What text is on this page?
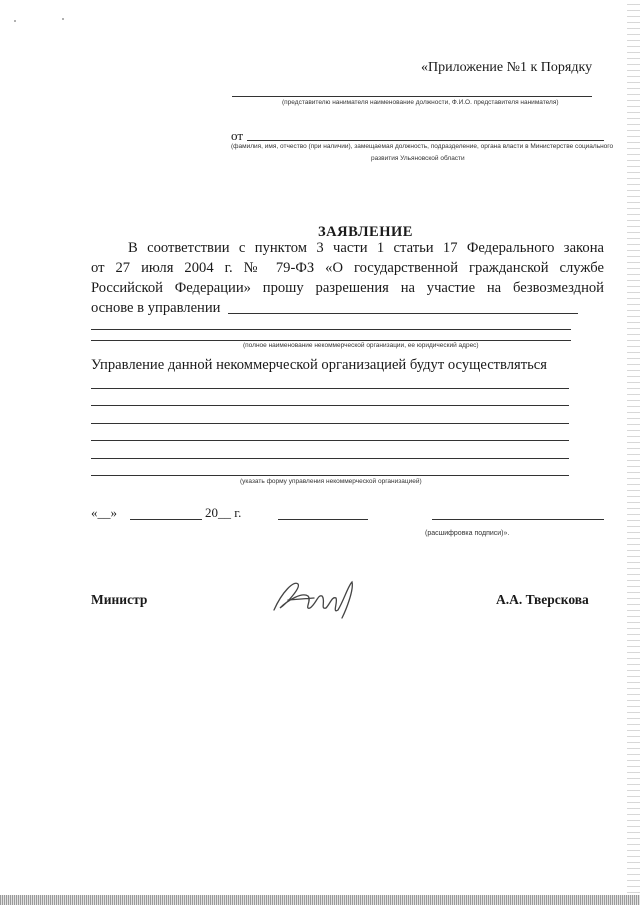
«Приложение №1 к Порядку
(представителю нанимателя наименование должности, Ф.И.О. представителя нанимателя)
от
(фамилия, имя, отчество (при наличии), замещаемая должность, подразделение, органа власти в Министерстве социального
развития Ульяновской области
ЗАЯВЛЕНИЕ
В соответствии с пунктом 3 части 1 статьи 17 Федерального закона
от 27 июля 2004 г. № 79-ФЗ «О государственной гражданской службе
Российской Федерации» прошу разрешения на участие на безвозмездной
основе в управлении
(полное наименование некоммерческой организации, ее юридический адрес)
Управление данной некоммерческой организацией будут осуществляться
(указать форму управления некоммерческой организацией)
«__»	20__ г.
(расшифровка подписи)».
Министр	А.А. Тверскова
